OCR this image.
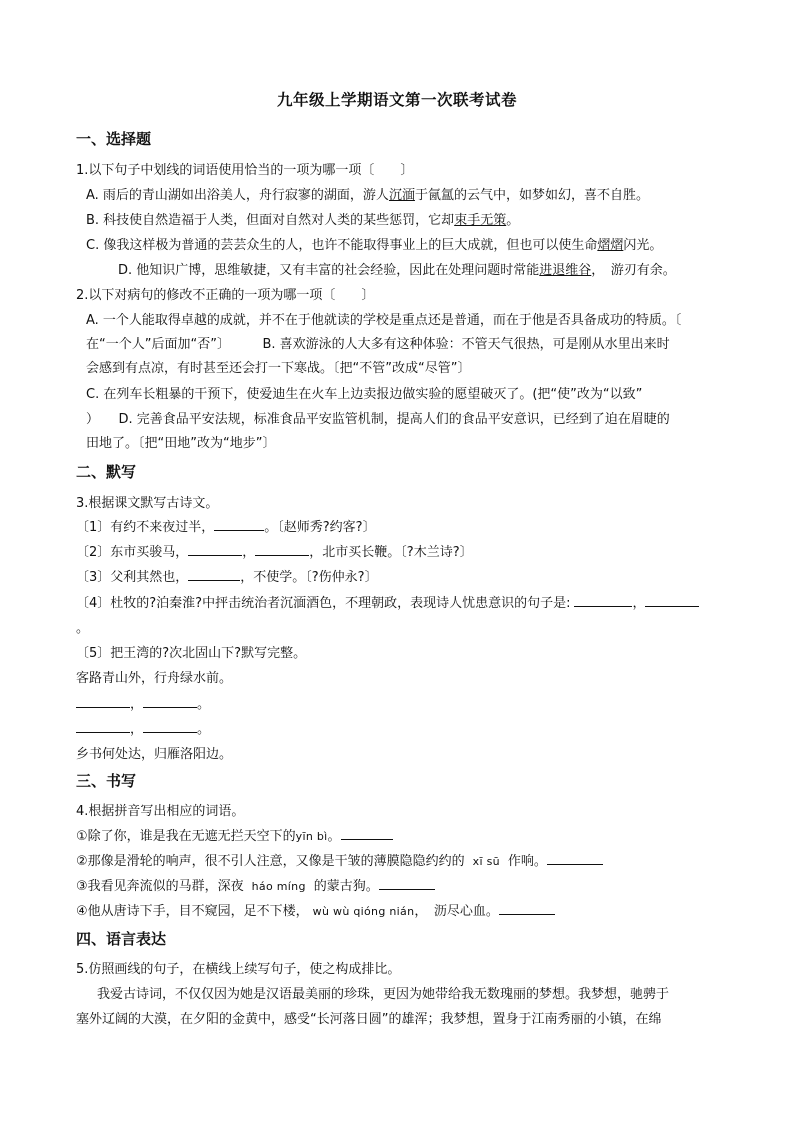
九年级上学期语文第一次联考试卷
一、选择题
1.以下句子中划线的词语使用恰当的一项为哪一项〔　　〕
A. 雨后的青山湖如出浴美人，舟行寂寥的湖面，游人沉湎于氤氲的云气中，如梦如幻，喜不自胜。
B. 科技使自然造福于人类，但面对自然对人类的某些惩罚，它却束手无策。
C. 像我这样极为普通的芸芸众生的人，也许不能取得事业上的巨大成就，但也可以使生命熠熠闪光。
D. 他知识广博，思维敏捷，又有丰富的社会经验，因此在处理问题时常能进退维谷，　游刃有余。
2.以下对病句的修改不正确的一项为哪一项〔　　〕
A. 一个人能取得卓越的成就，并不在于他就读的学校是重点还是普通，而在于他是否具备成功的特质。〔
在“一个人”后面加“否”〕　　　B. 喜欢游泳的人大多有这种体验：不管天气很热，可是刚从水里出来时
会感到有点凉，有时甚至还会打一下寒战。〔把“不管”改成“尽管”〕
C. 在列车长粗暴的干预下，使爱迪生在火车上边卖报边做实验的愿望破灭了。(把“使”改为“以致”
）　　D. 完善食品平安法规，标准食品平安监管机制，提高人们的食品平安意识，已经到了迫在眉睫的
田地了。〔把“田地”改为“地步”〕
二、默写
3.根据课文默写古诗文。
〔1〕有约不来夜过半，	。〔赵师秀?约客?〕
〔2〕东市买骏马，	，	，北市买长鞭。〔?木兰诗?〕
〔3〕父利其然也，	，不使学。〔?伤仲永?〕
〔4〕杜牧的?泊秦淮?中抨击统治者沉湎酒色，不理朝政，表现诗人忧患意识的句子是:	，
。
〔5〕把王湾的?次北固山下?默写完整。
客路青山外，行舟绿水前。
，	。
，	。
乡书何处达，归雁洛阳边。
三、书写
4.根据拼音写出相应的词语。
①除了你，谁是我在无遮无拦天空下的yīn bì。
②那像是滑轮的响声，很不引人注意，又像是干皱的薄膜隐隐约约的 xī sū 作响。
③我看见奔流似的马群，深夜 háo míng 的蒙古狗。
④他从唐诗下手，目不窥园，足不下楼， wù wù qióng nián，　沥尽心血。
四、语言表达
5.仿照画线的句子，在横线上续写句子，使之构成排比。
我爱古诗词，不仅仅因为她是汉语最美丽的珍珠，更因为她带给我无数瑰丽的梦想。我梦想，驰骋于
塞外辽阔的大漠，在夕阳的金黄中，感受“长河落日圆”的雄浑；我梦想，置身于江南秀丽的小镇，在绵
